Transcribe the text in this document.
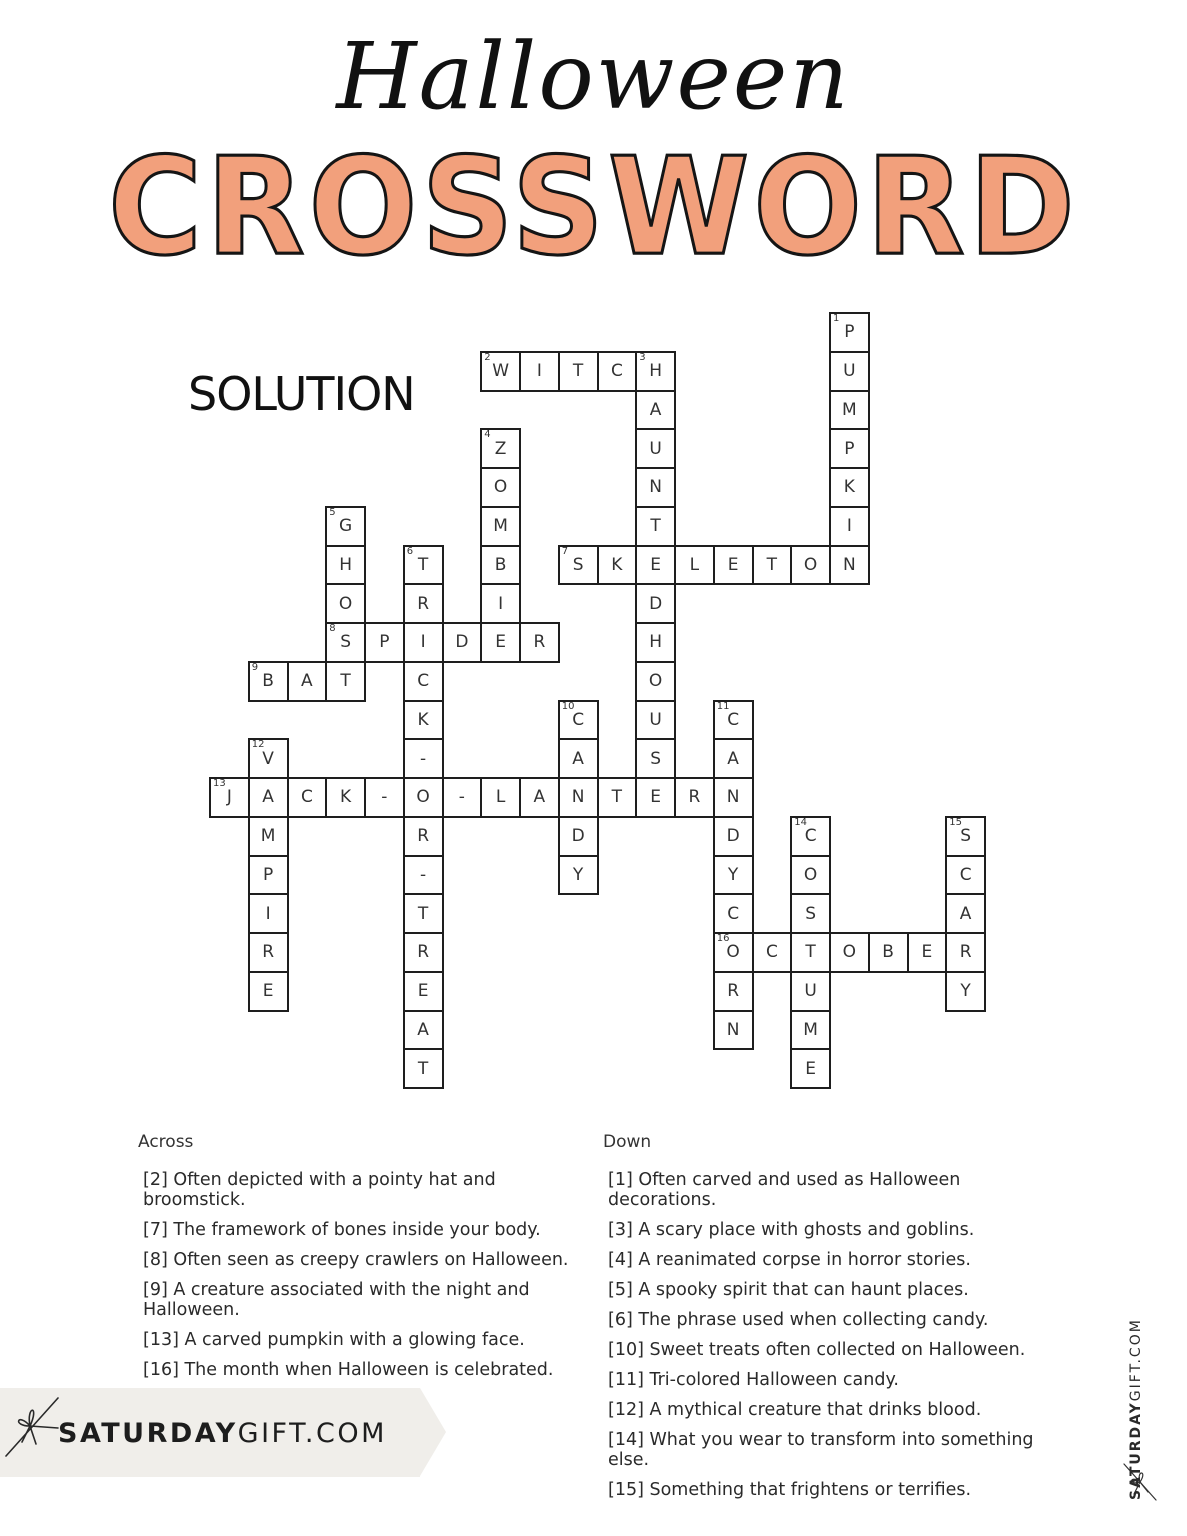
Halloween
CROSSWORD
SOLUTION
P
1
U
M
P
K
I
N
W
2
I T C H
3
A
U
N
T
E
D
H
O
U
S
E
Z
4
O
M
B
I
E
G
5
H
O
S
8
T
T
6
R
I
C
K
-
O
R
-
T
R
E
A
T
S
7
K	L E T O
P	D	R
B
9
A
C
10
A
N
D
Y
C
11
A
N
D
Y
C
O
16
R
N
V
12
A
M
P
I
R
E
J
13
C K -	- L A	T	R
C
14
O
S
T
U
M
E
S
15
C
A
R
Y
C	O B E
Across
[2] Often depicted with a pointy hat and broomstick.
[7] The framework of bones inside your body.
[8] Often seen as creepy crawlers on Halloween.
[9] A creature associated with the night and Halloween.
[13] A carved pumpkin with a glowing face.
[16] The month when Halloween is celebrated.
Down
[1] Often carved and used as Halloween decorations.
[3] A scary place with ghosts and goblins.
[4] A reanimated corpse in horror stories.
[5] A spooky spirit that can haunt places.
[6] The phrase used when collecting candy.
[10] Sweet treats often collected on Halloween.
[11] Tri-colored Halloween candy.
[12] A mythical creature that drinks blood.
[14] What you wear to transform into something else.
[15] Something that frightens or terrifies.
SATURDAYGIFT.COM	SATURDAYGIFT.COM
